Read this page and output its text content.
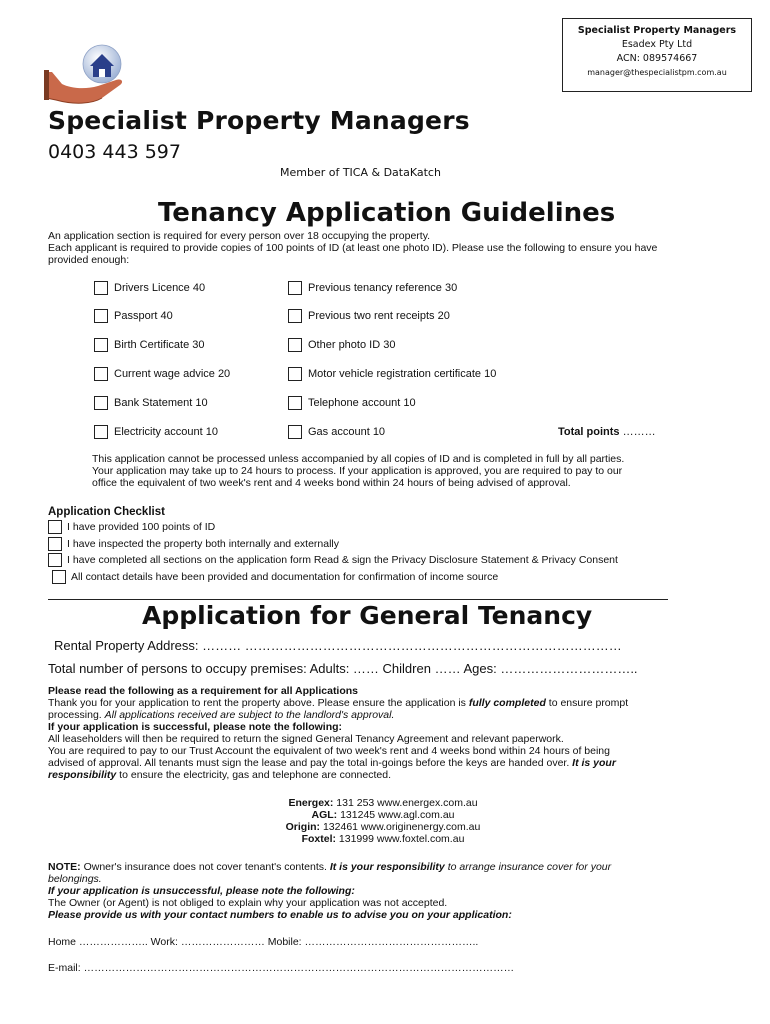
Specialist Property Managers
Esadex Pty Ltd
ACN: 089574667
manager@thespecialistpm.com.au
Specialist Property Managers
0403 443 597
Member of TICA & DataKatch
Tenancy Application Guidelines
An application section is required for every person over 18 occupying the property.
Each applicant is required to provide copies of 100 points of ID (at least one photo ID). Please use the following to ensure you have
provided enough:
Drivers Licence 40
Passport 40
Birth Certificate 30
Current wage advice 20
Bank Statement 10
Electricity account 10
Previous tenancy reference 30
Previous two rent receipts 20
Other photo ID 30
Motor vehicle registration certificate 10
Telephone account 10
Gas account 10	Total points ………
This application cannot be processed unless accompanied by all copies of ID and is completed in full by all parties.
Your application may take up to 24 hours to process. If your application is approved, you are required to pay to our
office the equivalent of two week's rent and 4 weeks bond within 24 hours of being advised of approval.
Application Checklist
I have provided 100 points of ID
I have inspected the property both internally and externally
I have completed all sections on the application form Read & sign the Privacy Disclosure Statement & Privacy Consent
All contact details have been provided and documentation for confirmation of income source
Application for General Tenancy
Rental Property Address: ……… ……………………………………………………………………………
Total number of persons to occupy premises: Adults: …… Children …… Ages: …………………………..
Please read the following as a requirement for all Applications
Thank you for your application to rent the property above. Please ensure the application is fully completed to ensure prompt
processing. All applications received are subject to the landlord's approval.
If your application is successful, please note the following:
All leaseholders will then be required to return the signed General Tenancy Agreement and relevant paperwork.
You are required to pay to our Trust Account the equivalent of two week's rent and 4 weeks bond within 24 hours of being
advised of approval. All tenants must sign the lease and pay the total in-goings before the keys are handed over. It is your
responsibility to ensure the electricity, gas and telephone are connected.
Energex: 131 253 www.energex.com.au
AGL: 131245 www.agl.com.au
Origin: 132461 www.originenergy.com.au
Foxtel: 131999 www.foxtel.com.au
NOTE: Owner's insurance does not cover tenant's contents. It is your responsibility to arrange insurance cover for your
belongings.
If your application is unsuccessful, please note the following:
The Owner (or Agent) is not obliged to explain why your application was not accepted.
Please provide us with your contact numbers to enable us to advise you on your application:
Home ……………….. Work: …………………… Mobile: …………………………………………..
E-mail: ……………………………………………………………………………………………………………
